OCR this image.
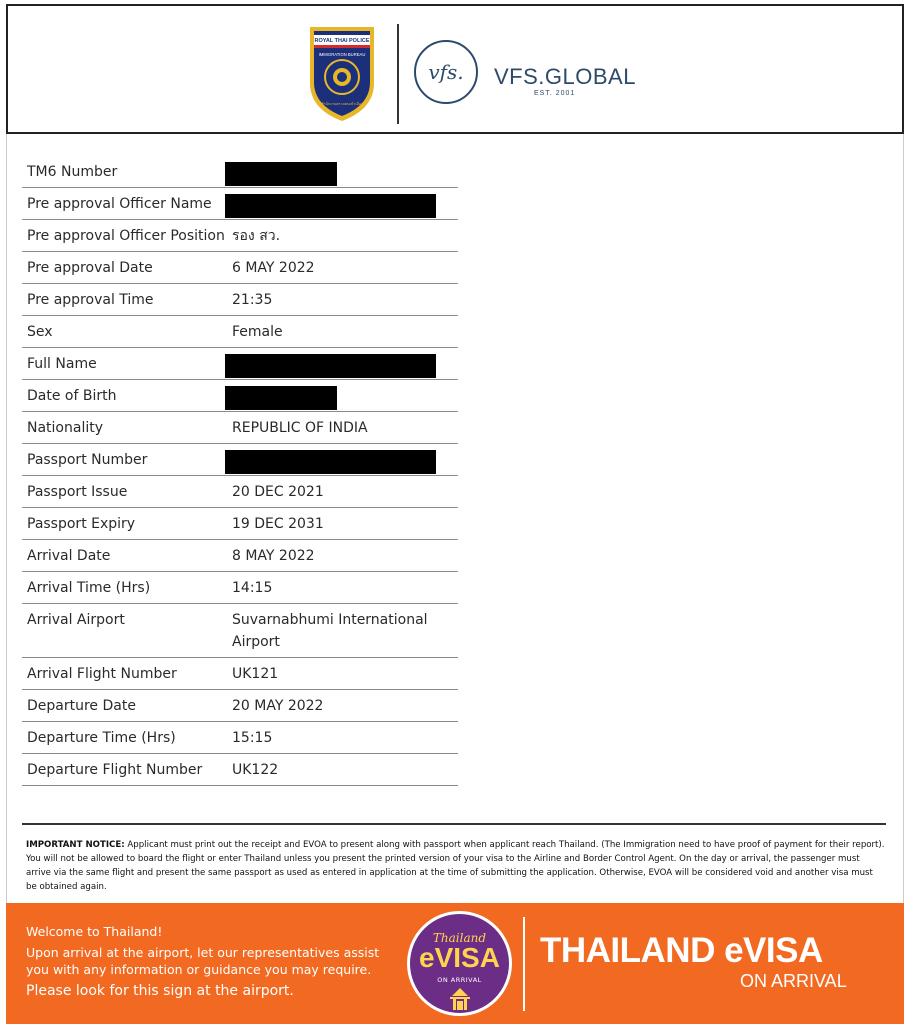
ROYAL THAI POLICE
IMMIGRATION BUREAU
สำนักงานตรวจคนเข้าเมือง
vfs. VFS.GLOBAL
EST. 2001
TM6 Number
Pre approval Officer Name
Pre approval Officer Position รอง สว.
Pre approval Date	6 MAY 2022
Pre approval Time	21:35
Sex	Female
Full Name
Date of Birth
Nationality	REPUBLIC OF INDIA
Passport Number
Passport Issue	20 DEC 2021
Passport Expiry	19 DEC 2031
Arrival Date	8 MAY 2022
Arrival Time (Hrs)	14:15
Arrival Airport	Suvarnabhumi International
Airport
Arrival Flight Number	UK121
Departure Date	20 MAY 2022
Departure Time (Hrs)	15:15
Departure Flight Number	UK122
IMPORTANT NOTICE: Applicant must print out the receipt and EVOA to present along with passport when applicant reach Thailand. (The Immigration need to have proof of payment for their report). You will not be allowed to board the flight or enter Thailand unless you present the printed version of your visa to the Airline and Border Control Agent. On the day or arrival, the passenger must arrive via the same flight and present the same passport as used as entered in application at the time of submitting the application. Otherwise, EVOA will be considered void and another visa must be obtained again.
Welcome to Thailand!
Upon arrival at the airport, let our representatives assist you with any information or guidance you may require.
Please look for this sign at the airport.
Thailand
eVISA
ON ARRIVAL
THAILAND eVISA
ON ARRIVAL
